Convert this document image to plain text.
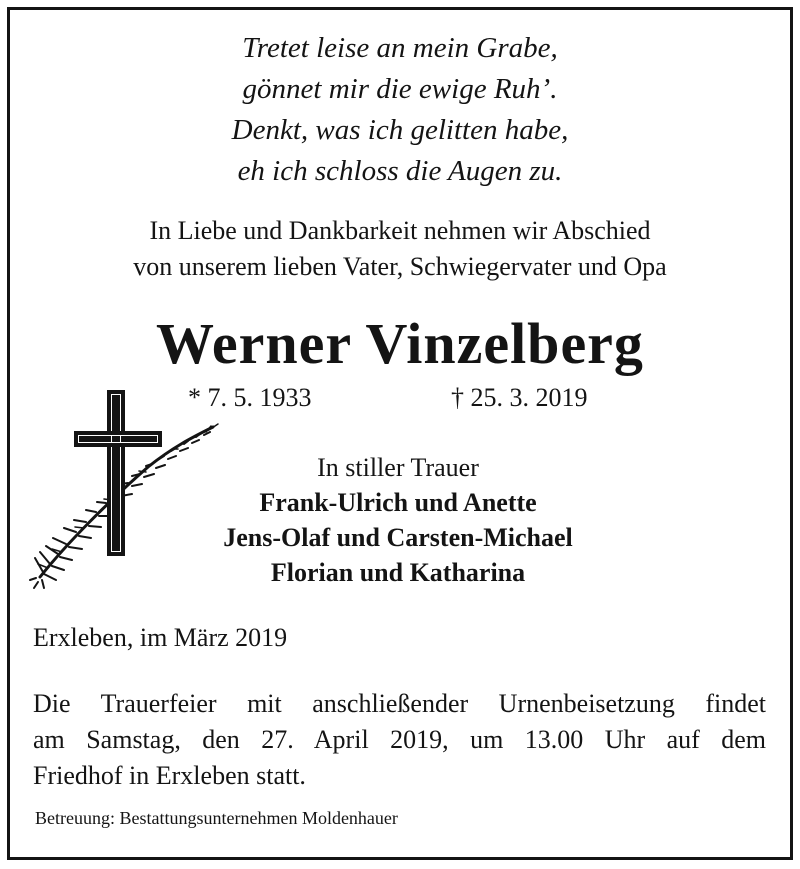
Tretet leise an mein Grabe,
gönnet mir die ewige Ruh’.
Denkt, was ich gelitten habe,
eh ich schloss die Augen zu.
In Liebe und Dankbarkeit nehmen wir Abschied
von unserem lieben Vater, Schwiegervater und Opa
Werner Vinzelberg
* 7. 5. 1933	† 25. 3. 2019
In stiller Trauer
Frank-Ulrich und Anette
Jens-Olaf und Carsten-Michael
Florian und Katharina
Erxleben, im März 2019
Die Trauerfeier mit anschließender Urnenbeisetzung findet
am Samstag, den 27. April 2019, um 13.00 Uhr auf dem
Friedhof in Erxleben statt.
Betreuung: Bestattungsunternehmen Moldenhauer
